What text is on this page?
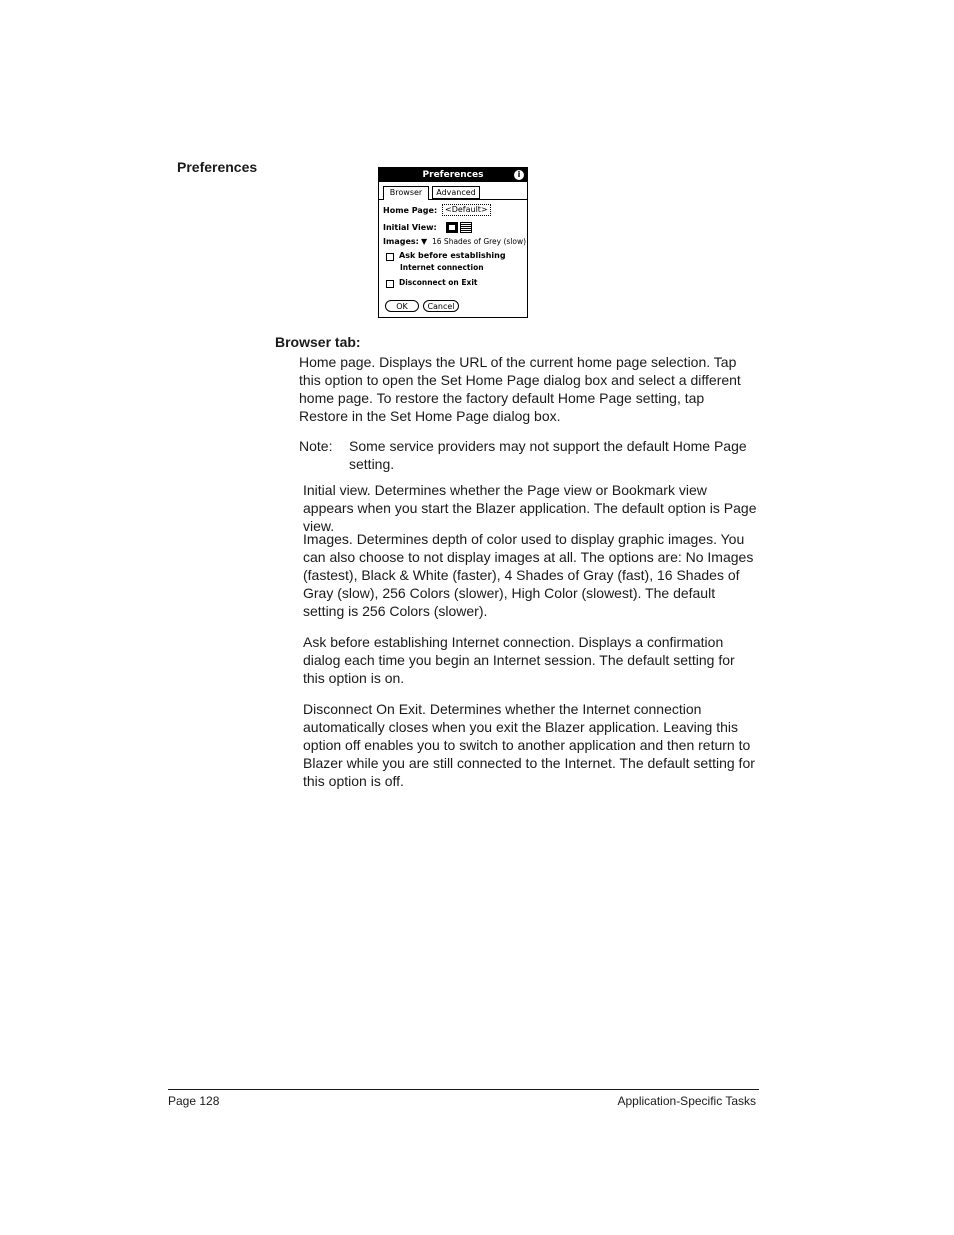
Preferences	Preferences	i
Browser	Advanced
Home Page: <Default>
Initial View:
Images: ▼ 16 Shades of Grey (slow)
Ask before establishing
Internet connection
Disconnect on Exit
OK	Cancel
Browser tab:
Home page. Displays the URL of the current home page selection. Tap this option to open the Set Home Page dialog box and select a different home page. To restore the factory default Home Page setting, tap Restore in the Set Home Page dialog box.
Note: Some service providers may not support the default Home Page setting.
Initial view. Determines whether the Page view or Bookmark view appears when you start the Blazer application. The default option is Page view.
Images. Determines depth of color used to display graphic images. You can also choose to not display images at all. The options are: No Images (fastest), Black & White (faster), 4 Shades of Gray (fast), 16 Shades of Gray (slow), 256 Colors (slower), High Color (slowest). The default setting is 256 Colors (slower).
Ask before establishing Internet connection. Displays a confirmation dialog each time you begin an Internet session. The default setting for this option is on.
Disconnect On Exit. Determines whether the Internet connection automatically closes when you exit the Blazer application. Leaving this option off enables you to switch to another application and then return to Blazer while you are still connected to the Internet. The default setting for this option is off.
Page 128	Application-Specific Tasks
